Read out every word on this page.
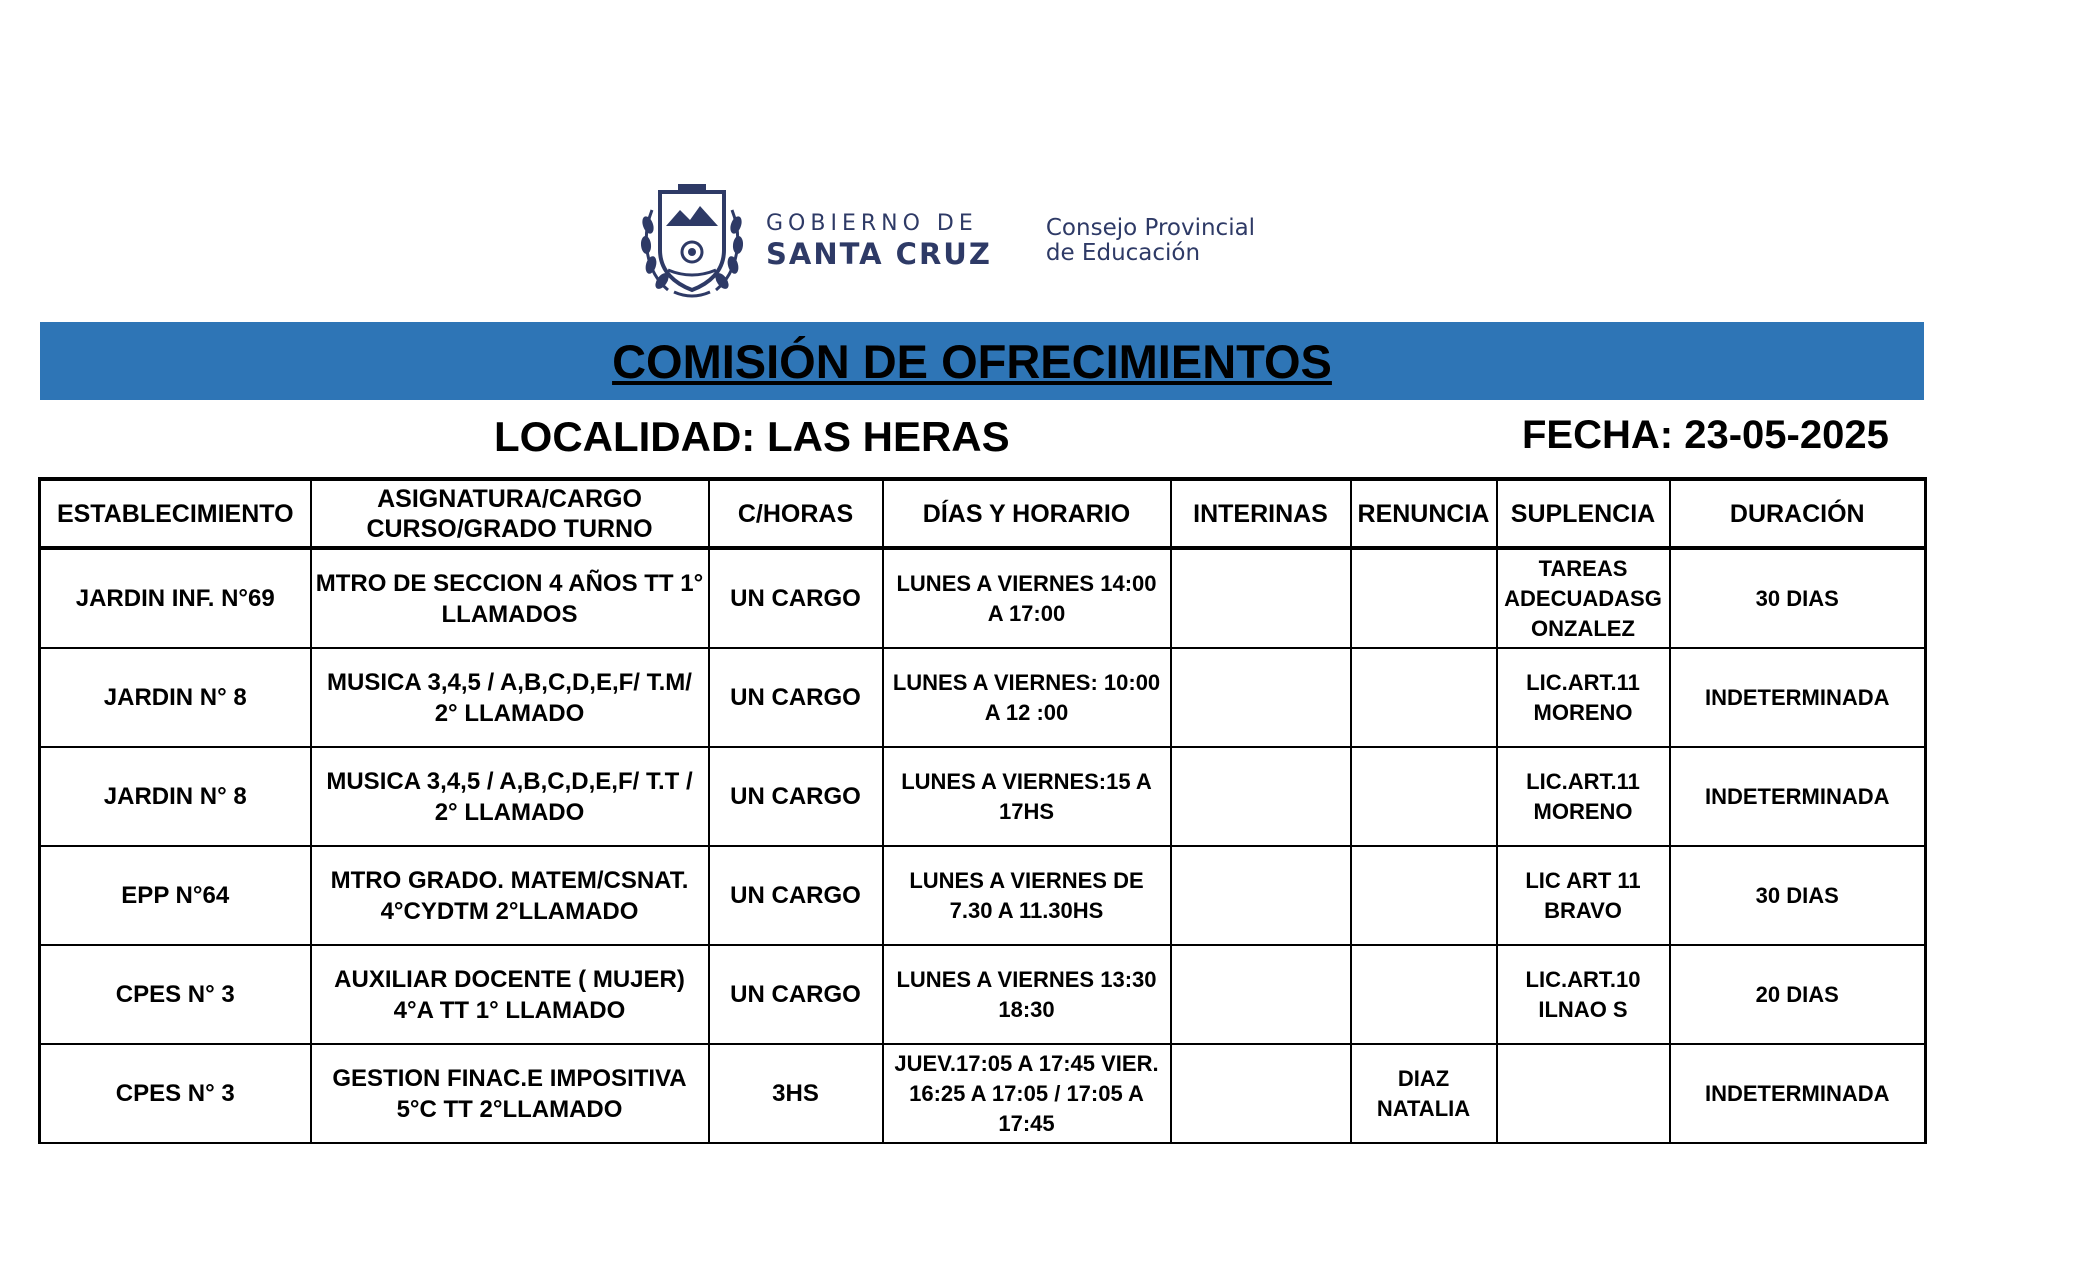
GOBIERNO DE
SANTA CRUZ
Consejo Provincial
de Educación
COMISIÓN DE OFRECIMIENTOS
LOCALIDAD: LAS HERAS	FECHA: 23-05-2025
ESTABLECIMIENTO	ASIGNATURA/CARGO CURSO/GRADO TURNO	C/HORAS	DÍAS Y HORARIO	INTERINAS	RENUNCIA	SUPLENCIA	DURACIÓN
JARDIN INF. N°69	MTRO DE SECCION 4 AÑOS TT 1° LLAMADOS	UN CARGO	LUNES A VIERNES 14:00 A 17:00			TAREAS ADECUADASG ONZALEZ	30 DIAS
JARDIN N° 8	MUSICA 3,4,5 / A,B,C,D,E,F/ T.M/ 2° LLAMADO	UN CARGO	LUNES A VIERNES: 10:00 A 12 :00			LIC.ART.11 MORENO	INDETERMINADA
JARDIN N° 8	MUSICA 3,4,5 / A,B,C,D,E,F/ T.T / 2° LLAMADO	UN CARGO	LUNES A VIERNES:15 A 17HS			LIC.ART.11 MORENO	INDETERMINADA
EPP N°64	MTRO GRADO. MATEM/CSNAT. 4°CYDTM 2°LLAMADO	UN CARGO	LUNES A VIERNES DE 7.30 A 11.30HS			LIC ART 11 BRAVO	30 DIAS
CPES N° 3	AUXILIAR DOCENTE ( MUJER) 4°A TT 1° LLAMADO	UN CARGO	LUNES A VIERNES 13:30 18:30			LIC.ART.10 ILNAO S	20 DIAS
CPES N° 3	GESTION FINAC.E IMPOSITIVA 5°C TT 2°LLAMADO	3HS	JUEV.17:05 A 17:45 VIER. 16:25 A 17:05 / 17:05 A 17:45		DIAZ NATALIA		INDETERMINADA
